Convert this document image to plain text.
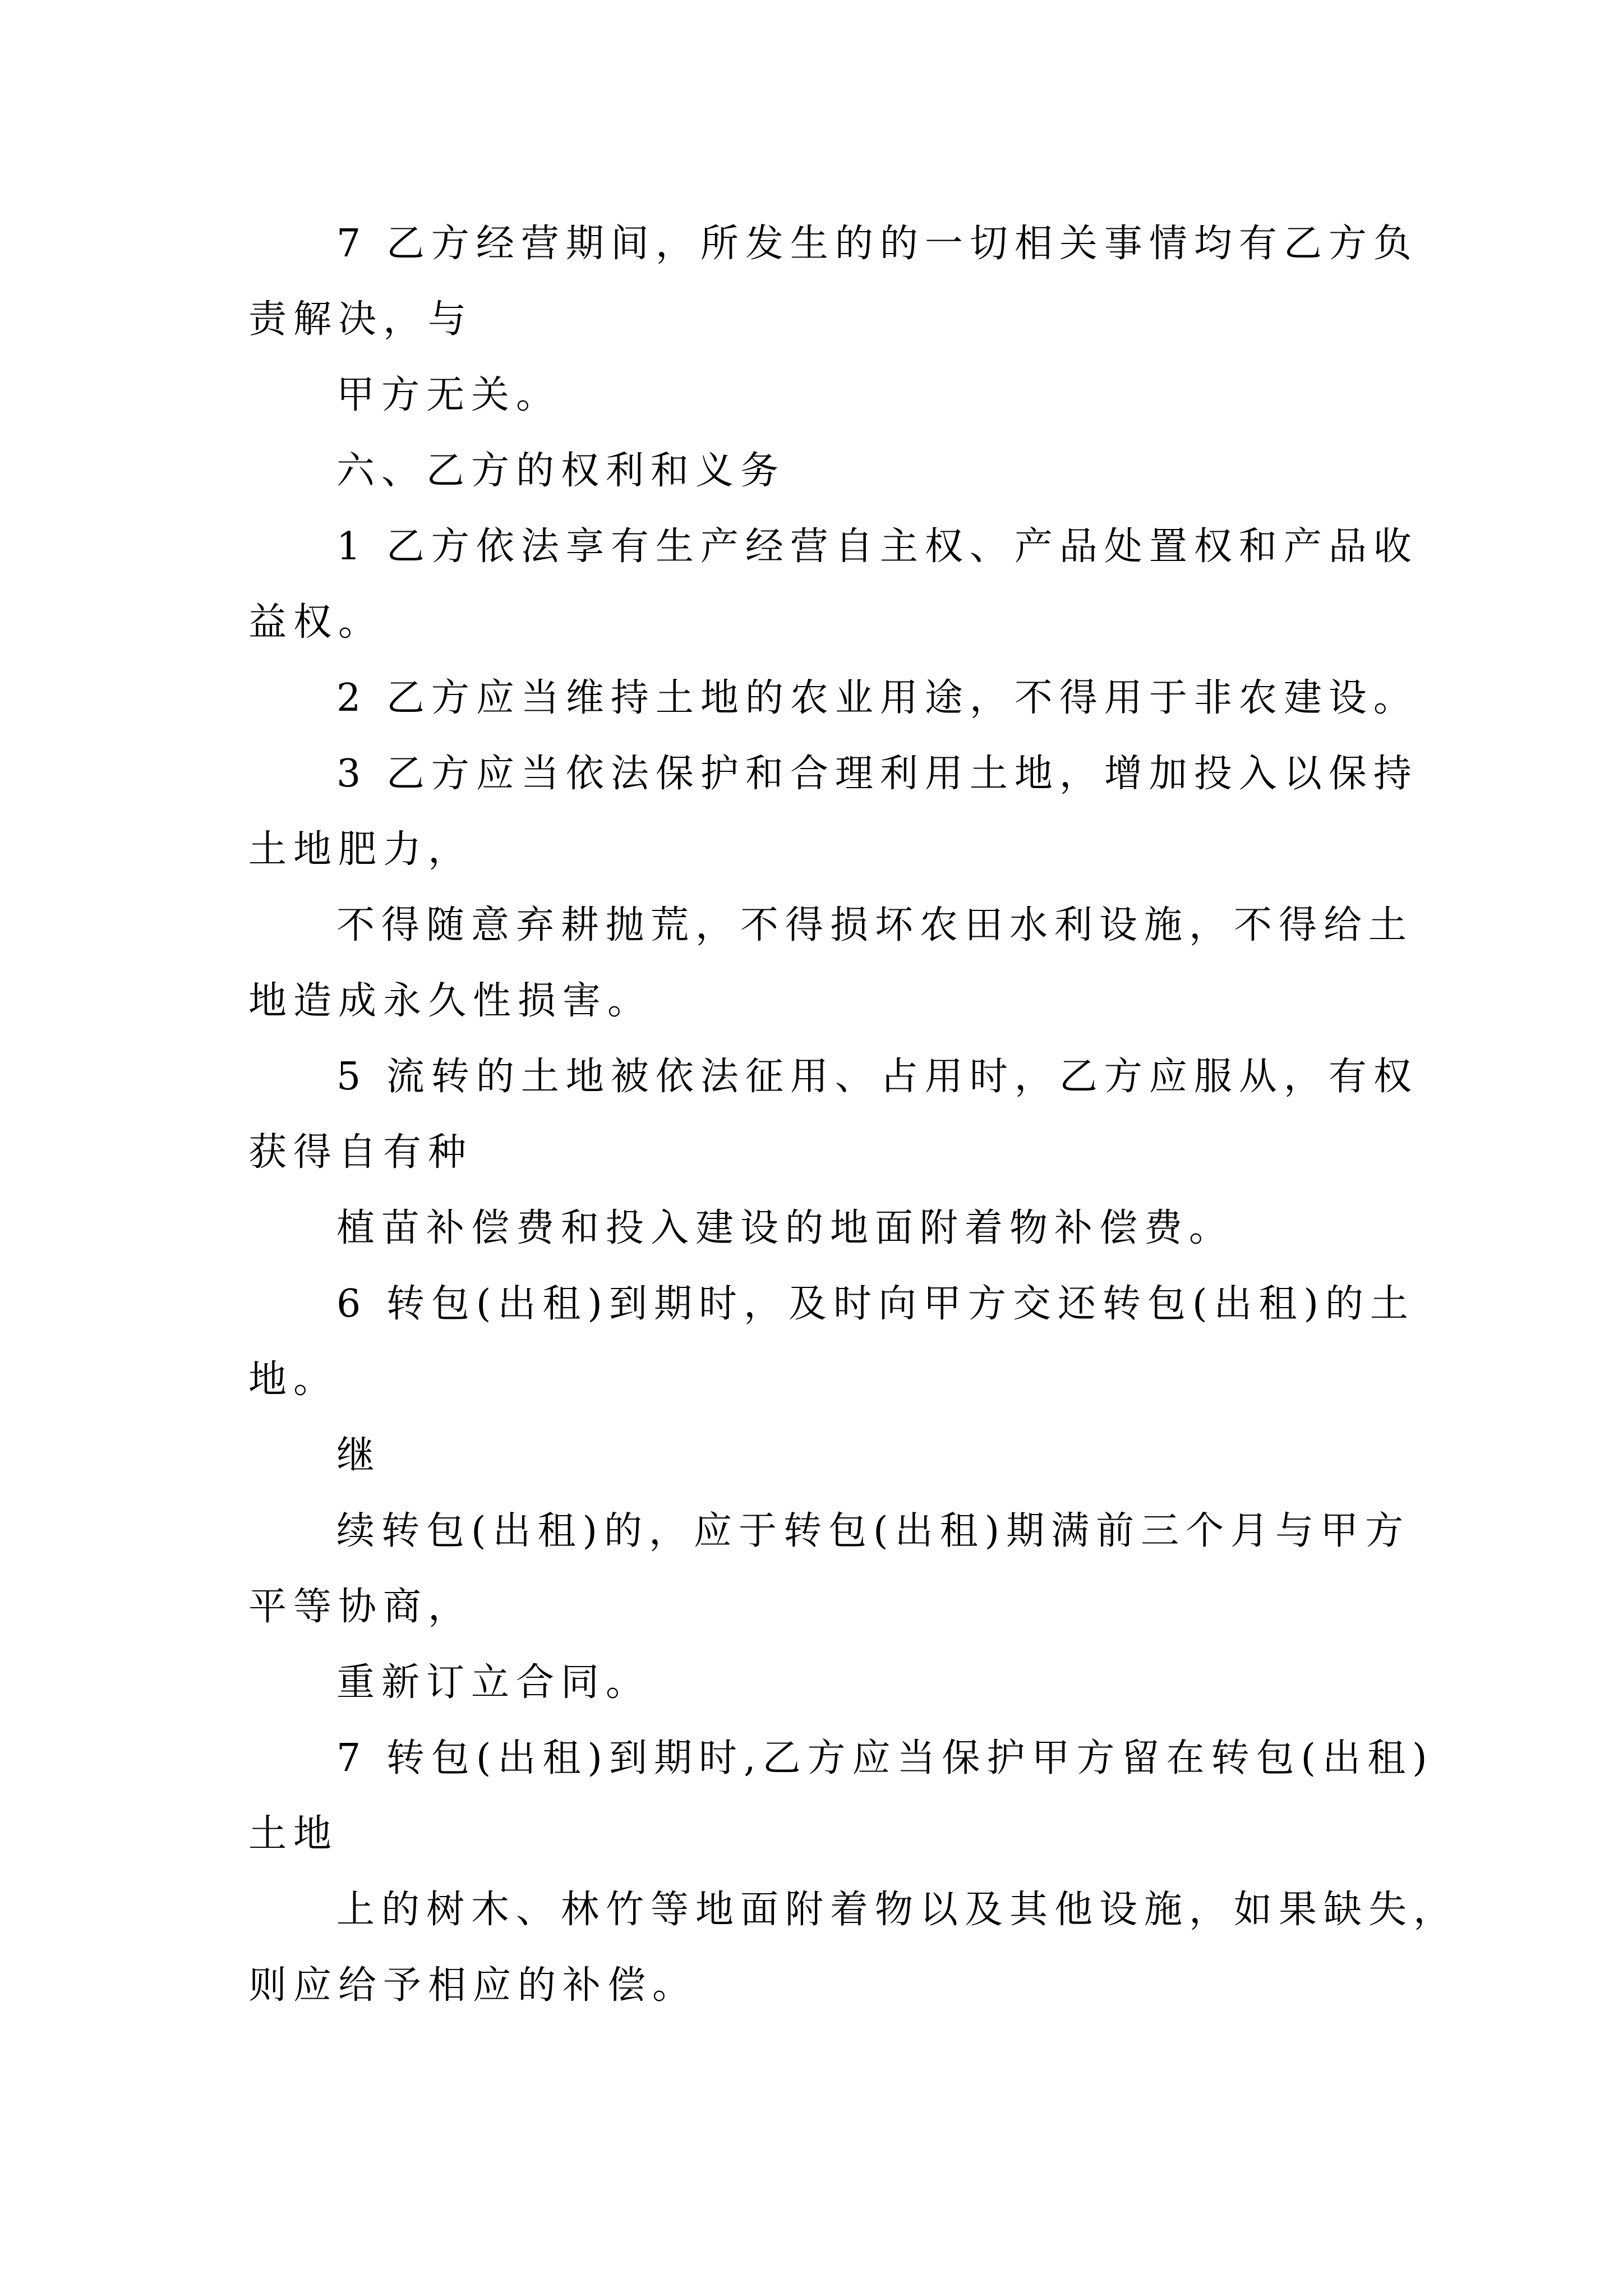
7 乙方经营期间，所发生的的一切相关事情均有乙方负
责解决，与
甲方无关。
六、乙方的权利和义务
1 乙方依法享有生产经营自主权、产品处置权和产品收
益权。
2 乙方应当维持土地的农业用途，不得用于非农建设。
3 乙方应当依法保护和合理利用土地，增加投入以保持
土地肥力，
不得随意弃耕抛荒，不得损坏农田水利设施，不得给土
地造成永久性损害。
5 流转的土地被依法征用、占用时，乙方应服从，有权
获得自有种
植苗补偿费和投入建设的地面附着物补偿费。
6 转包(出租)到期时，及时向甲方交还转包(出租)的土
地。
继
续转包(出租)的，应于转包(出租)期满前三个月与甲方
平等协商，
重新订立合同。
7 转包(出租)到期时,乙方应当保护甲方留在转包(出租)
土地
上的树木、林竹等地面附着物以及其他设施，如果缺失，
则应给予相应的补偿。
